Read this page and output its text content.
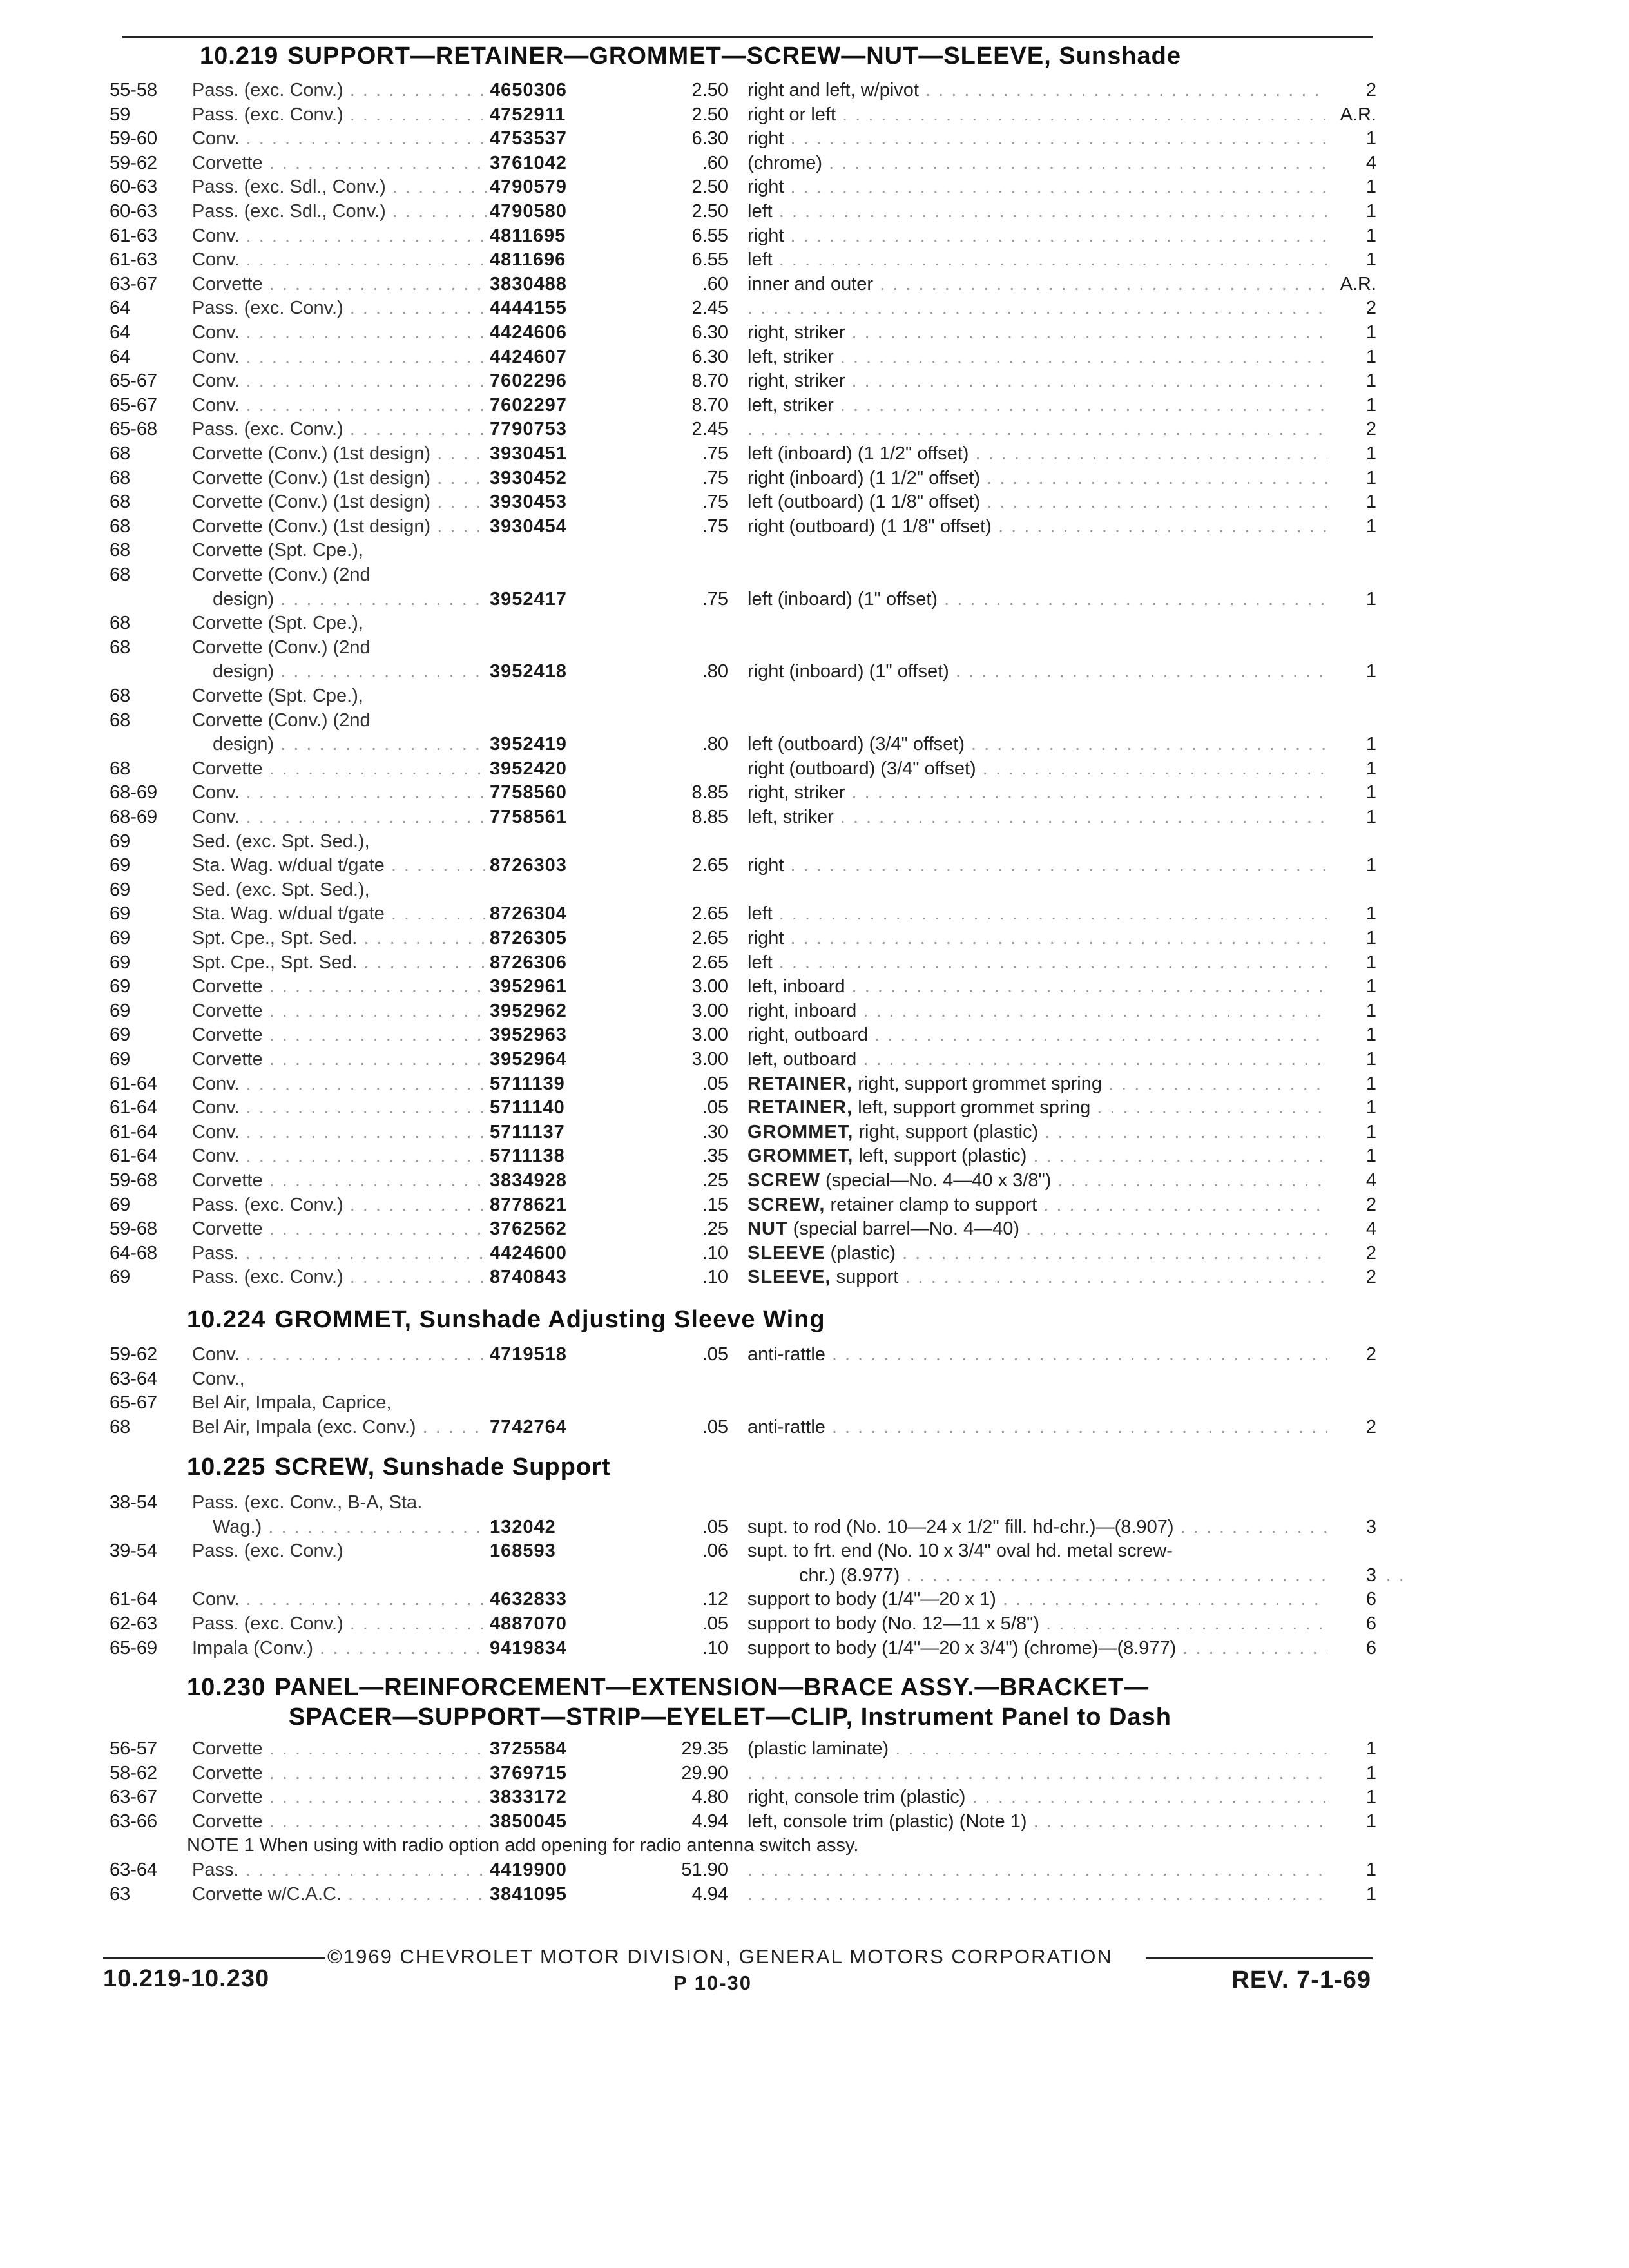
10.219 SUPPORT—RETAINER—GROMMET—SCREW—NUT—SLEEVE, Sunshade
55-58	Pass. (exc. Conv.) . . .	4650306	2.50 right and left, w/pivot . . .	2
59	Pass. (exc. Conv.) . . .	4752911	2.50 right or left . . .	A.R.
59-60	Conv. . . .	4753537	6.30 right . . .	1
59-62	Corvette . . .	3761042	.60 (chrome) . . .	4
60-63	Pass. (exc. Sdl., Conv.) . . .	4790579	2.50 right . . .	1
60-63	Pass. (exc. Sdl., Conv.) . . .	4790580	2.50 left . . .	1
61-63	Conv. . . .	4811695	6.55 right . . .	1
61-63	Conv. . . .	4811696	6.55 left . . .	1
63-67	Corvette . . .	3830488	.60 inner and outer . . .	A.R.
64	Pass. (exc. Conv.) . . .	4444155	2.45 . . .	2
64	Conv. . . .	4424606	6.30 right, striker . . .	1
64	Conv. . . .	4424607	6.30 left, striker . . .	1
65-67	Conv. . . .	7602296	8.70 right, striker . . .	1
65-67	Conv. . . .	7602297	8.70 left, striker . . .	1
65-68	Pass. (exc. Conv.) . . .	7790753	2.45 . . .	2
68	Corvette (Conv.) (1st design) . . .	3930451	.75 left (inboard) (1 1/2" offset) . . .	1
68	Corvette (Conv.) (1st design) . . .	3930452	.75 right (inboard) (1 1/2" offset) . . .	1
68	Corvette (Conv.) (1st design) . . .	3930453	.75 left (outboard) (1 1/8" offset) . . .	1
68	Corvette (Conv.) (1st design) . . .	3930454	.75 right (outboard) (1 1/8" offset) . . .	1
68	Corvette (Spt. Cpe.),
68	Corvette (Conv.) (2nd
design) . . .	3952417	.75 left (inboard) (1" offset) . . .	1
68	Corvette (Spt. Cpe.),
68	Corvette (Conv.) (2nd
design) . . .	3952418	.80 right (inboard) (1" offset) . . .	1
68	Corvette (Spt. Cpe.),
68	Corvette (Conv.) (2nd
design) . . .	3952419	.80 left (outboard) (3/4" offset) . . .	1
68	Corvette . . .	3952420	right (outboard) (3/4" offset) . . .	1
68-69	Conv. . . .	7758560	8.85 right, striker . . .	1
68-69	Conv. . . .	7758561	8.85 left, striker . . .	1
69	Sed. (exc. Spt. Sed.),
69	Sta. Wag. w/dual t/gate . . .	8726303	2.65 right . . .	1
69	Sed. (exc. Spt. Sed.),
69	Sta. Wag. w/dual t/gate . . .	8726304	2.65 left . . .	1
69	Spt. Cpe., Spt. Sed. . . .	8726305	2.65 right . . .	1
69	Spt. Cpe., Spt. Sed. . . .	8726306	2.65 left . . .	1
69	Corvette . . .	3952961	3.00 left, inboard . . .	1
69	Corvette . . .	3952962	3.00 right, inboard . . .	1
69	Corvette . . .	3952963	3.00 right, outboard . . .	1
69	Corvette . . .	3952964	3.00 left, outboard . . .	1
61-64	Conv. . . .	5711139	.05 RETAINER, right, support grommet spring . . .	1
61-64	Conv. . . .	5711140	.05 RETAINER, left, support grommet spring . . .	1
61-64	Conv. . . .	5711137	.30 GROMMET, right, support (plastic) . . .	1
61-64	Conv. . . .	5711138	.35 GROMMET, left, support (plastic) . . .	1
59-68	Corvette . . .	3834928	.25 SCREW (special—No. 4—40 x 3/8") . . .	4
69	Pass. (exc. Conv.) . . .	8778621	.15 SCREW, retainer clamp to support . . .	2
59-68	Corvette . . .	3762562	.25 NUT (special barrel—No. 4—40) . . .	4
64-68	Pass. . . .	4424600	.10 SLEEVE (plastic) . . .	2
69	Pass. (exc. Conv.) . . .	8740843	.10 SLEEVE, support . . .	2
10.224 GROMMET, Sunshade Adjusting Sleeve Wing
59-62	Conv. . . .	4719518	.05 anti-rattle . . .	2
63-64	Conv.,
65-67	Bel Air, Impala, Caprice,
68	Bel Air, Impala (exc. Conv.) . . .	7742764	.05 anti-rattle . . .	2
10.225 SCREW, Sunshade Support
38-54	Pass. (exc. Conv., B-A, Sta.
Wag.) . . .	132042	.05 supt. to rod (No. 10—24 x 1/2" fill. hd-chr.)—(8.907) . . .	3
39-54	Pass. (exc. Conv.)	168593	.06 supt. to frt. end (No. 10 x 3/4" oval hd. metal screw-
chr.) (8.977) . . .	3
61-64	Conv. . . .	4632833	.12 support to body (1/4"—20 x 1) . . .	6
62-63	Pass. (exc. Conv.) . . .	4887070	.05 support to body (No. 12—11 x 5/8") . . .	6
65-69	Impala (Conv.) . . .	9419834	.10 support to body (1/4"—20 x 3/4") (chrome)—(8.977) . . .	6
10.230 PANEL—REINFORCEMENT—EXTENSION—BRACE ASSY.—BRACKET—
SPACER—SUPPORT—STRIP—EYELET—CLIP, Instrument Panel to Dash
56-57	Corvette . . .	3725584	29.35 (plastic laminate) . . .	1
58-62	Corvette . . .	3769715	29.90 . . .	1
63-67	Corvette . . .	3833172	4.80 right, console trim (plastic) . . .	1
63-66	Corvette . . .	3850045	4.94 left, console trim (plastic) (Note 1) . . .	1
63-64	Pass. . . .	4419900	51.90 . . .	1
63	Corvette w/C.A.C. . . .	3841095	4.94 . . .	1
NOTE 1 When using with radio option add opening for radio antenna switch assy.
©1969 CHEVROLET MOTOR DIVISION, GENERAL MOTORS CORPORATION
10.219-10.230	P 10-30	REV. 7-1-69
